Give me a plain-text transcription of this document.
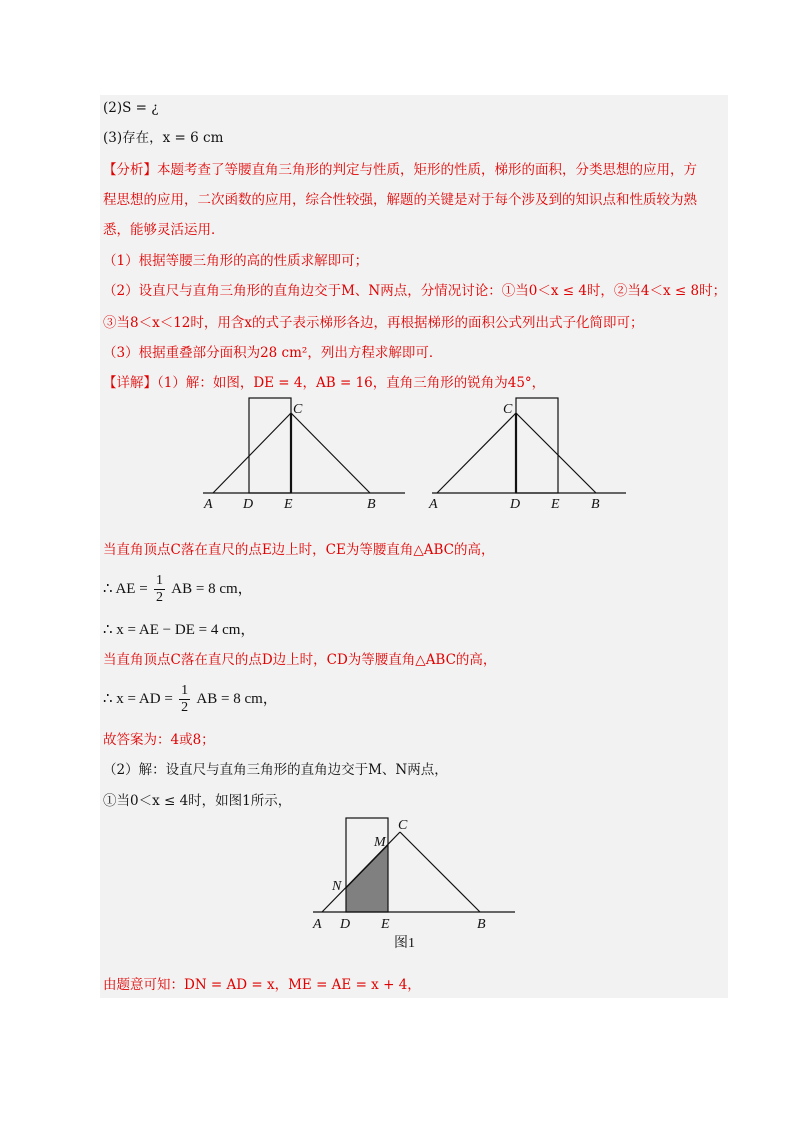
(2)S = ¿
(3)存在，x = 6 cm
【分析】本题考查了等腰直角三角形的判定与性质，矩形的性质，梯形的面积，分类思想的应用，方
程思想的应用，二次函数的应用，综合性较强，解题的关键是对于每个涉及到的知识点和性质较为熟
悉，能够灵活运用．
（1）根据等腰三角形的高的性质求解即可；
（2）设直尺与直角三角形的直角边交于M、N两点，分情况讨论：①当0＜x ≤ 4时，②当4＜x ≤ 8时；
③当8＜x＜12时，用含x的式子表示梯形各边，再根据梯形的面积公式列出式子化简即可；
（3）根据重叠部分面积为28 cm²，列出方程求解即可．
【详解】（1）解：如图，DE = 4，AB = 16，直角三角形的锐角为45°，
A D E	B
C
A	D E B
C
A D E	B
C
M
N
图1
当直角顶点C落在直尺的点E边上时，CE为等腰直角△ABC的高，
∴ AE = $\frac{1}{2}$ AB = 8 cm，
∴ x = AE − DE = 4 cm，
当直角顶点C落在直尺的点D边上时，CD为等腰直角△ABC的高，
∴ x = AD = $\frac{1}{2}$ AB = 8 cm，
故答案为：4或8；
（2）解：设直尺与直角三角形的直角边交于M、N两点，
①当0＜x ≤ 4时，如图1所示，
由题意可知：DN = AD = x，ME = AE = x + 4，
